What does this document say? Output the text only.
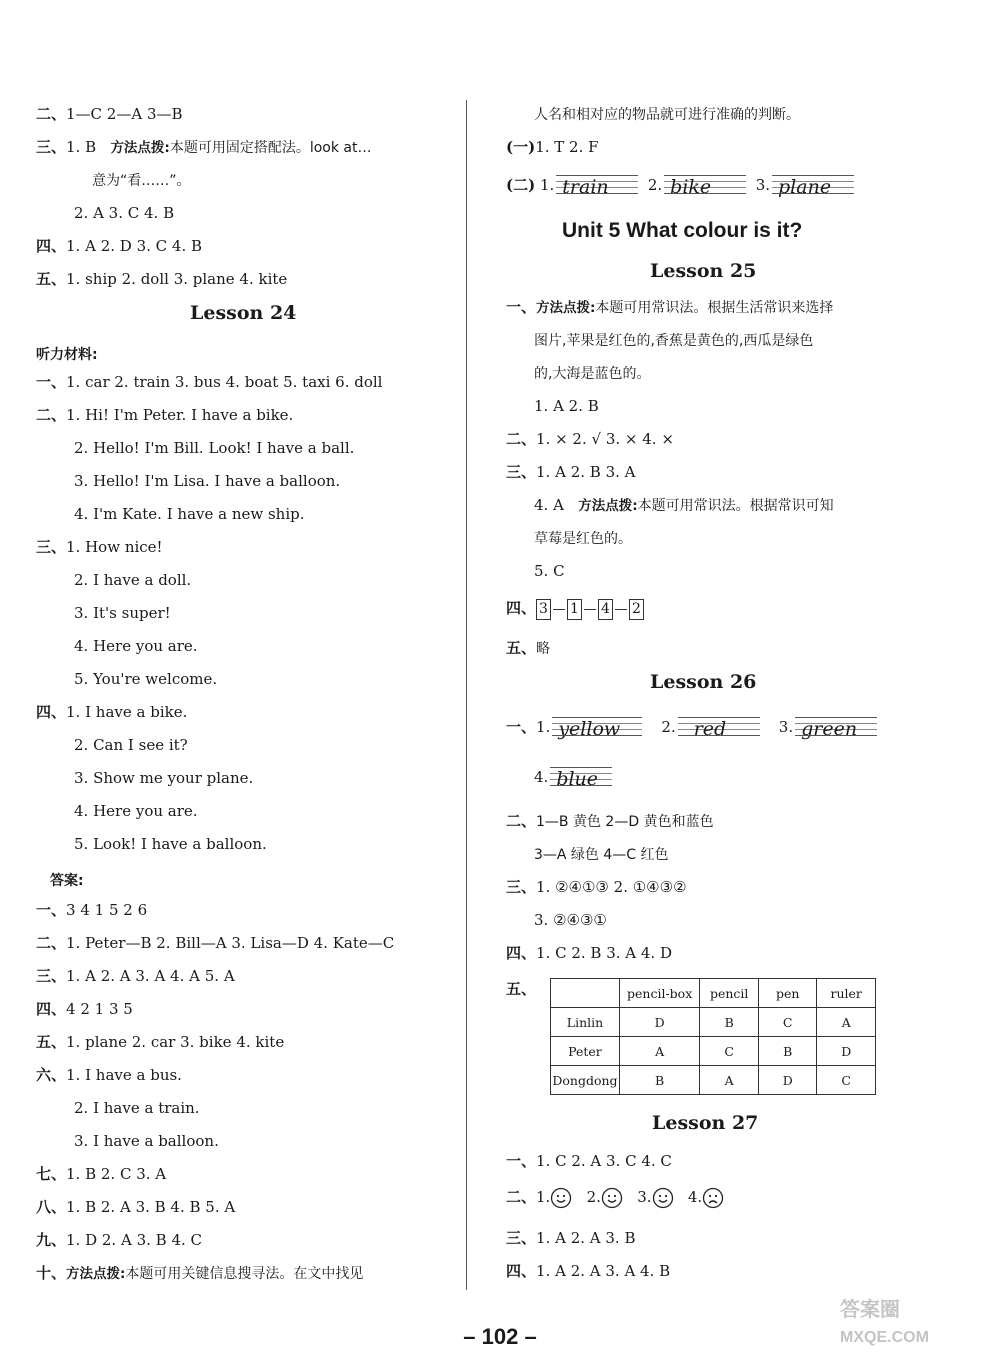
二、1—C 2—A 3—B
三、1. B 方法点拨:本题可用固定搭配法。look at…
意为“看……”。
2. A 3. C 4. B
四、1. A 2. D 3. C 4. B
五、1. ship 2. doll 3. plane 4. kite
Lesson 24
听力材料:
一、1. car 2. train 3. bus 4. boat 5. taxi 6. doll
二、1. Hi! I'm Peter. I have a bike.
2. Hello! I'm Bill. Look! I have a ball.
3. Hello! I'm Lisa. I have a balloon.
4. I'm Kate. I have a new ship.
三、1. How nice!
2. I have a doll.
3. It's super!
4. Here you are.
5. You're welcome.
四、1. I have a bike.
2. Can I see it?
3. Show me your plane.
4. Here you are.
5. Look! I have a balloon.
答案:
一、3 4 1 5 2 6
二、1. Peter—B 2. Bill—A 3. Lisa—D 4. Kate—C
三、1. A 2. A 3. A 4. A 5. A
四、4 2 1 3 5
五、1. plane 2. car 3. bike 4. kite
六、1. I have a bus.
2. I have a train.
3. I have a balloon.
七、1. B 2. C 3. A
八、1. B 2. A 3. B 4. B 5. A
九、1. D 2. A 3. B 4. C
十、方法点拨:本题可用关键信息搜寻法。在文中找见
人名和相对应的物品就可进行准确的判断。
(一)1. T 2. F
(二) 1. train	2. bike	3. plane
Unit 5 What colour is it?
Lesson 25
一、方法点拨:本题可用常识法。根据生活常识来选择
图片,苹果是红色的,香蕉是黄色的,西瓜是绿色
的,大海是蓝色的。
1. A 2. B
二、1. × 2. √ 3. × 4. ×
三、1. A 2. B 3. A
4. A 方法点拨:本题可用常识法。根据常识可知
草莓是红色的。
5. C
四、 3 1 4 2
五、略
Lesson 26
一、1. yellow	2. red	3. green
4. blue
二、1—B 黄色 2—D 黄色和蓝色
3—A 绿色 4—C 红色
三、1. ②④①③ 2. ①④③②
3. ②④③①
四、1. C 2. B 3. A 4. D
五、
		pencil-box	pencil	pen	ruler
Linlin	D	B	C	A
Peter	A	C	B	D
Dongdong	B	A	D	C
Lesson 27
一、1. C 2. A 3. C 4. C
二、1. 2. 3. 4.
三、1. A 2. A 3. B
四、1. A 2. A 3. A 4. B
– 102 –
答案圈
MXQE.COM
